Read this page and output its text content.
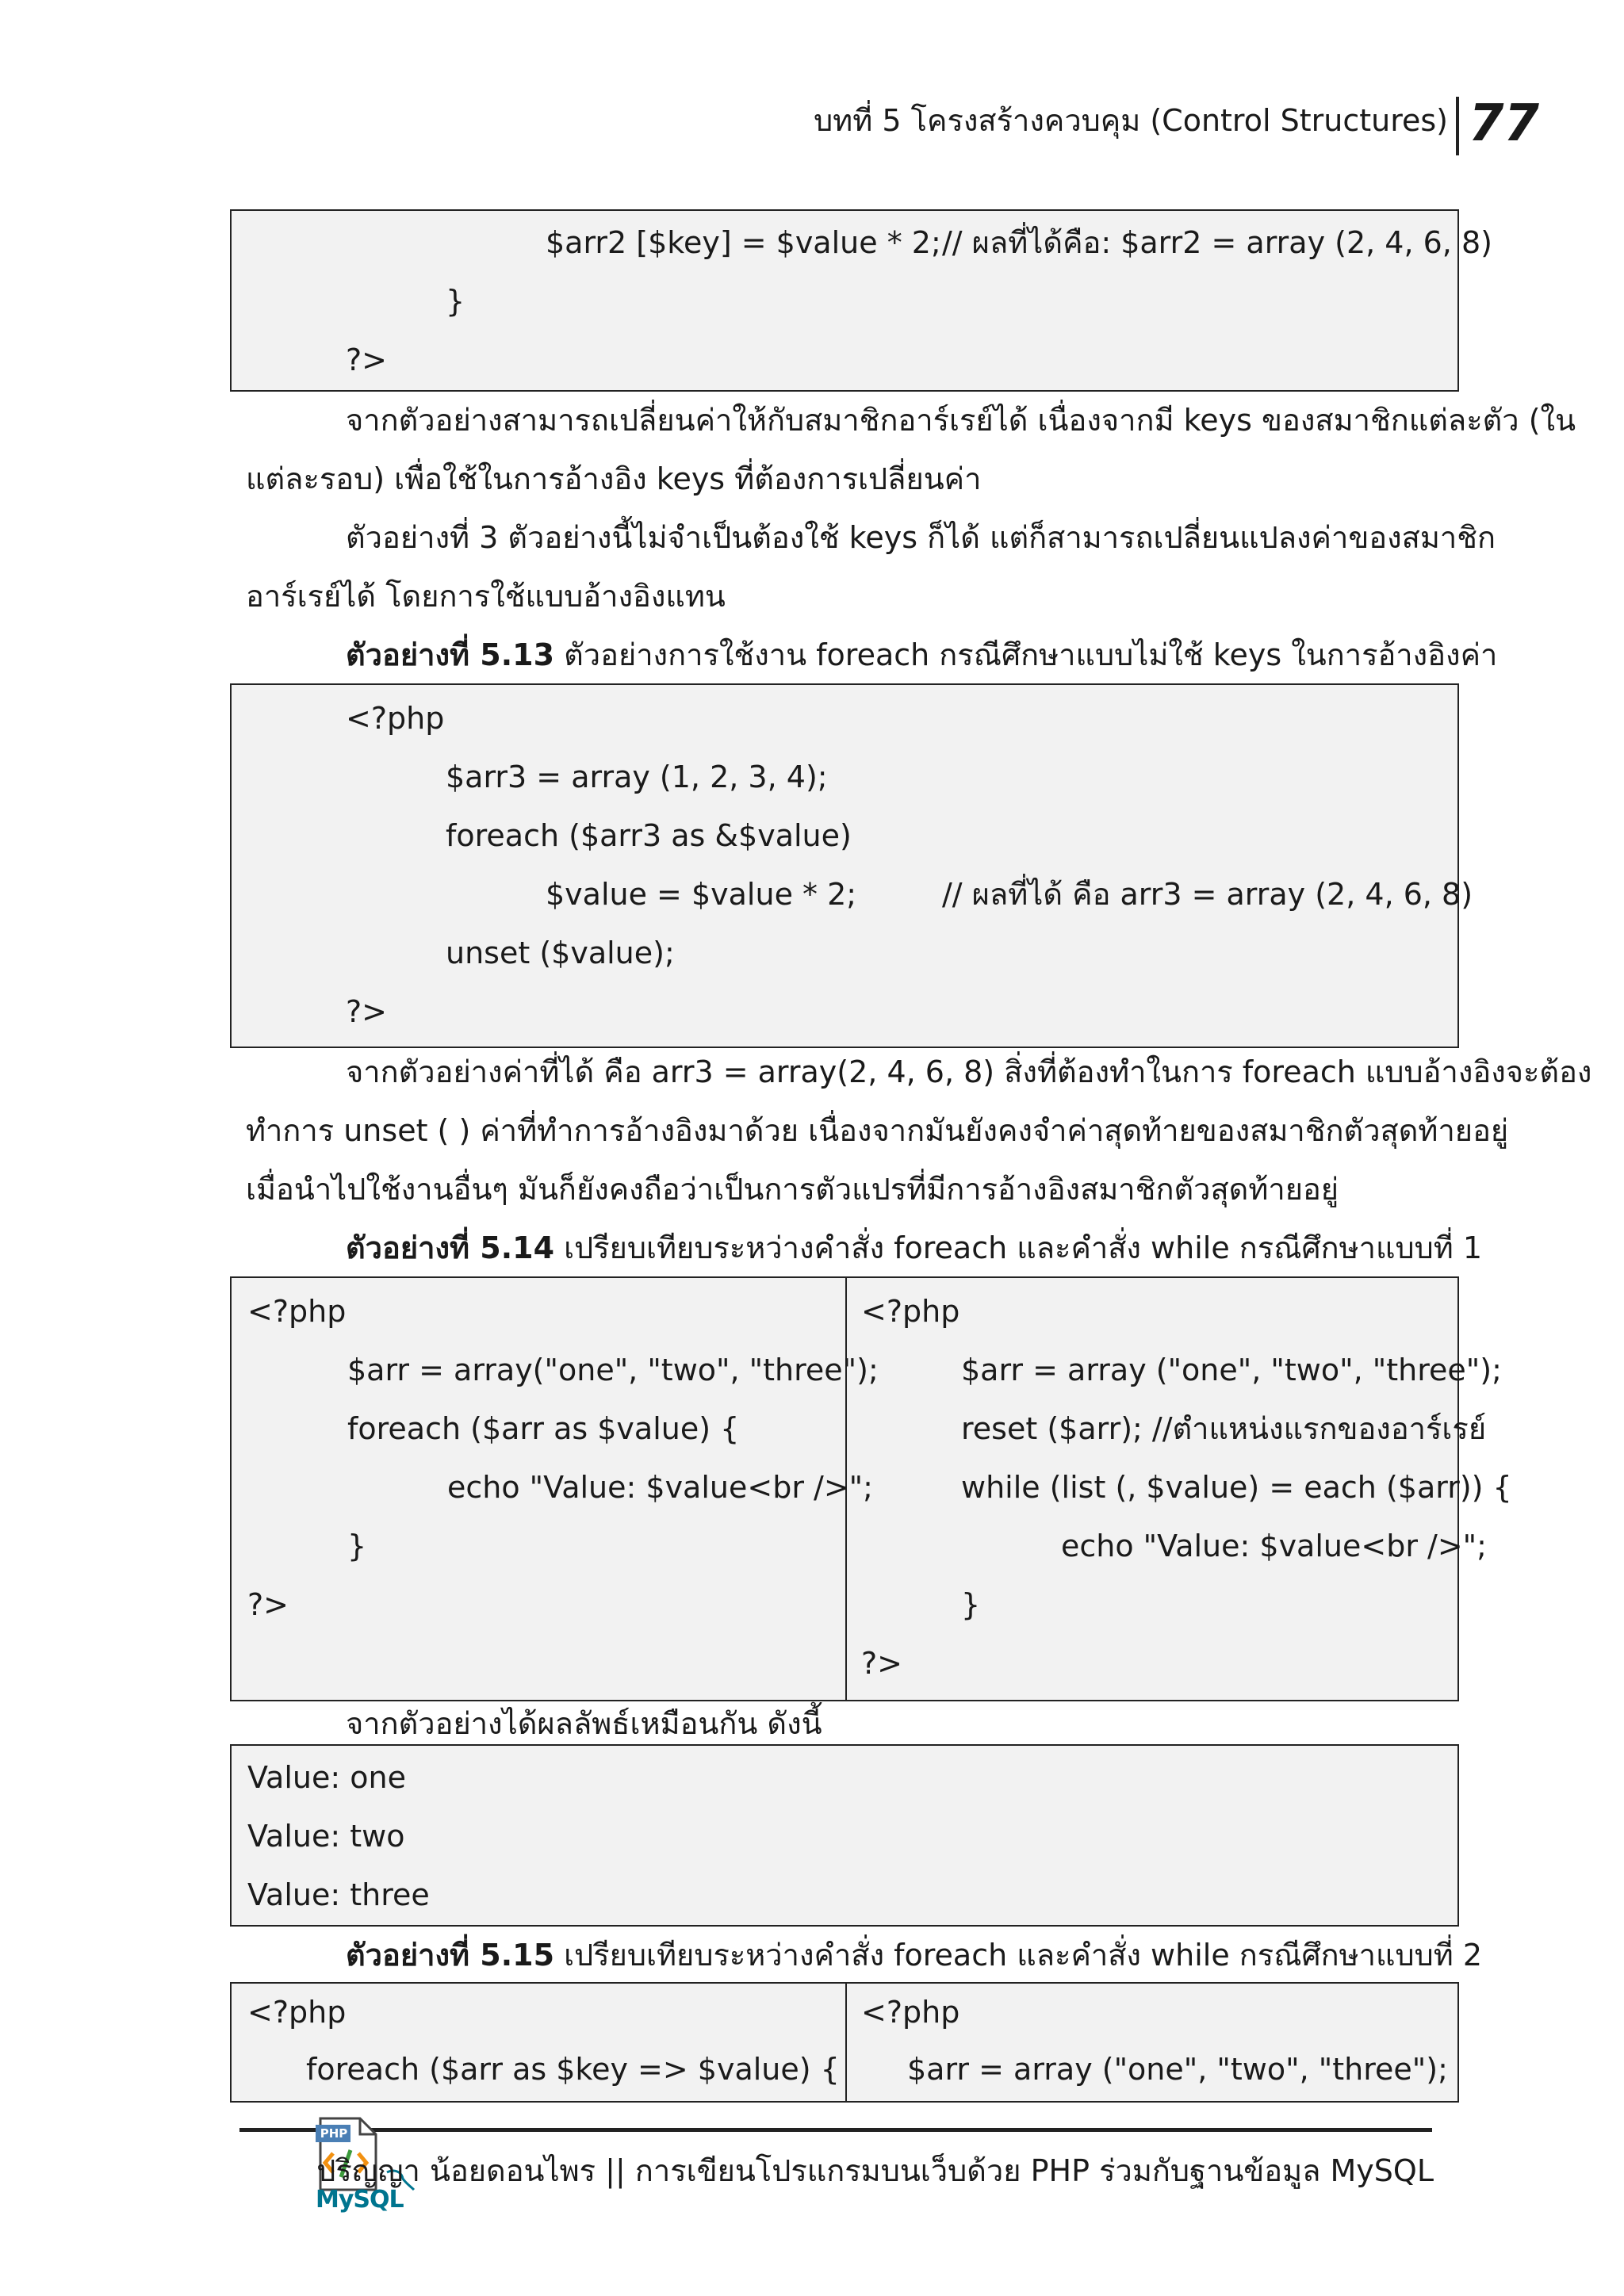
บทที่ 5 โครงสร้างควบคุม (Control Structures) 77
$arr2 [$key] = $value * 2; // ผลที่ได้คือ: $arr2 = array (2, 4, 6, 8)
}
?>
จากตัวอย่างสามารถเปลี่ยนค่าให้กับสมาชิกอาร์เรย์ได้ เนื่องจากมี keys ของสมาชิกแต่ละตัว (ใน
แต่ละรอบ) เพื่อใช้ในการอ้างอิง keys ที่ต้องการเปลี่ยนค่า
ตัวอย่างที่ 3 ตัวอย่างนี้ไม่จำเป็นต้องใช้ keys ก็ได้ แต่ก็สามารถเปลี่ยนแปลงค่าของสมาชิก
อาร์เรย์ได้ โดยการใช้แบบอ้างอิงแทน
ตัวอย่างที่ 5.13 ตัวอย่างการใช้งาน foreach กรณีศึกษาแบบไม่ใช้ keys ในการอ้างอิงค่า
<?php
$arr3 = array (1, 2, 3, 4);
foreach ($arr3 as &$value)
$value = $value * 2;	// ผลที่ได้ คือ arr3 = array (2, 4, 6, 8)
unset ($value);
?>
จากตัวอย่างค่าที่ได้ คือ arr3 = array(2, 4, 6, 8) สิ่งที่ต้องทำในการ foreach แบบอ้างอิงจะต้อง
ทำการ unset ( ) ค่าที่ทำการอ้างอิงมาด้วย เนื่องจากมันยังคงจำค่าสุดท้ายของสมาชิกตัวสุดท้ายอยู่
เมื่อนำไปใช้งานอื่นๆ มันก็ยังคงถือว่าเป็นการตัวแปรที่มีการอ้างอิงสมาชิกตัวสุดท้ายอยู่
ตัวอย่างที่ 5.14 เปรียบเทียบระหว่างคำสั่ง foreach และคำสั่ง while กรณีศึกษาแบบที่ 1
<?php
$arr = array("one", "two", "three");
foreach ($arr as $value) {
echo "Value: $value<br />";
}
?>
<?php
$arr = array ("one", "two", "three");
reset ($arr); //ตำแหน่งแรกของอาร์เรย์
while (list (, $value) = each ($arr)) {
echo "Value: $value<br />";
}
?>
จากตัวอย่างได้ผลลัพธ์เหมือนกัน ดังนี้
Value: one
Value: two
Value: three
ตัวอย่างที่ 5.15 เปรียบเทียบระหว่างคำสั่ง foreach และคำสั่ง while กรณีศึกษาแบบที่ 2
<?php
foreach ($arr as $key => $value) {
<?php
$arr = array ("one", "two", "three");
PHP
MySQL
ปริญญา น้อยดอนไพร || การเขียนโปรแกรมบนเว็บด้วย PHP ร่วมกับฐานข้อมูล MySQL
